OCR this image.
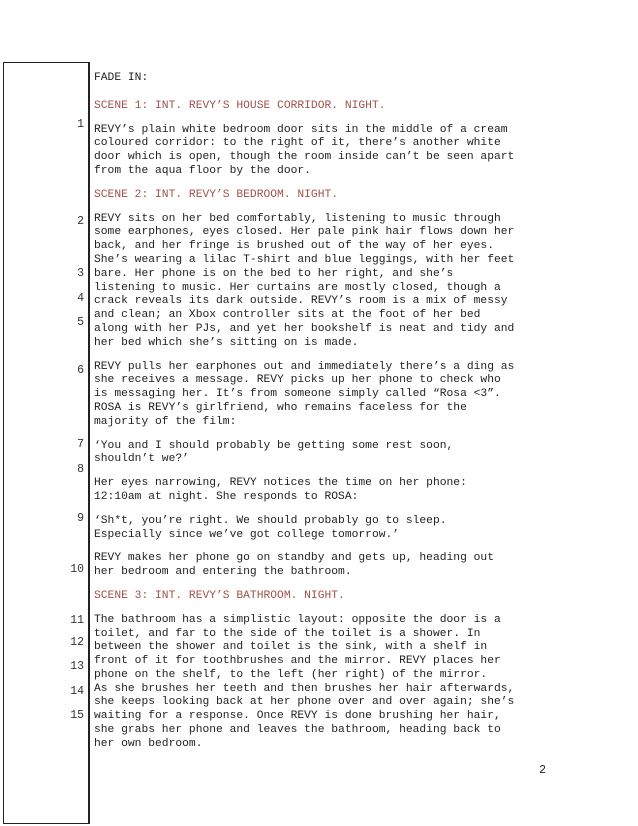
1
2
3
4
5
6
7
8
9
10
11
12
13
14
15

FADE IN:

SCENE 1: INT. REVY’S HOUSE CORRIDOR. NIGHT.

REVY’s plain white bedroom door sits in the middle of a cream
coloured corridor: to the right of it, there’s another white
door which is open, though the room inside can’t be seen apart
from the aqua floor by the door.

SCENE 2: INT. REVY’S BEDROOM. NIGHT.

REVY sits on her bed comfortably, listening to music through
some earphones, eyes closed. Her pale pink hair flows down her
back, and her fringe is brushed out of the way of her eyes.
She’s wearing a lilac T-shirt and blue leggings, with her feet
bare. Her phone is on the bed to her right, and she’s
listening to music. Her curtains are mostly closed, though a
crack reveals its dark outside. REVY’s room is a mix of messy
and clean; an Xbox controller sits at the foot of her bed
along with her PJs, and yet her bookshelf is neat and tidy and
her bed which she’s sitting on is made.

REVY pulls her earphones out and immediately there’s a ding as
she receives a message. REVY picks up her phone to check who
is messaging her. It’s from someone simply called “Rosa <3”.
ROSA is REVY’s girlfriend, who remains faceless for the
majority of the film:

‘You and I should probably be getting some rest soon,
shouldn’t we?’

Her eyes narrowing, REVY notices the time on her phone:
12:10am at night. She responds to ROSA:

‘Sh*t, you’re right. We should probably go to sleep.
Especially since we’ve got college tomorrow.’

REVY makes her phone go on standby and gets up, heading out
her bedroom and entering the bathroom.

SCENE 3: INT. REVY’S BATHROOM. NIGHT.

The bathroom has a simplistic layout: opposite the door is a
toilet, and far to the side of the toilet is a shower. In
between the shower and toilet is the sink, with a shelf in
front of it for toothbrushes and the mirror. REVY places her
phone on the shelf, to the left (her right) of the mirror.
As she brushes her teeth and then brushes her hair afterwards,
she keeps looking back at her phone over and over again; she’s
waiting for a response. Once REVY is done brushing her hair,
she grabs her phone and leaves the bathroom, heading back to
her own bedroom.

2
